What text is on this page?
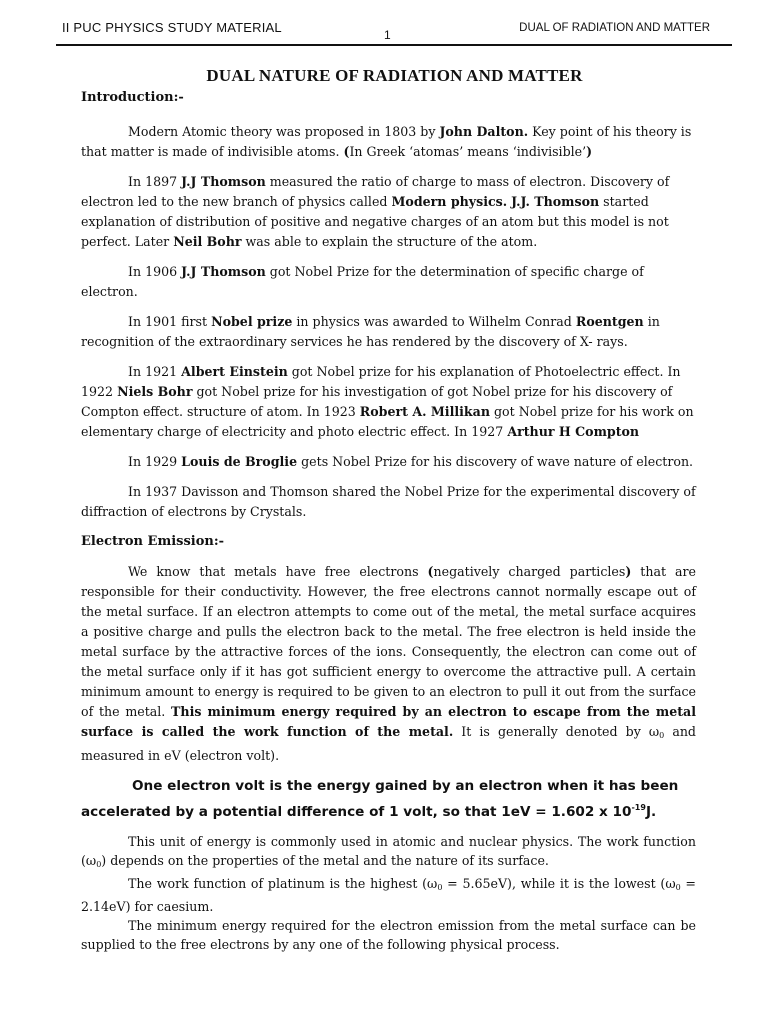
II PUC PHYSICS STUDY MATERIAL	1	DUAL OF RADIATION AND MATTER
DUAL NATURE OF RADIATION AND MATTER
Introduction:-

Modern Atomic theory was proposed in 1803 by John Dalton. Key point of his theory is that matter is made of indivisible atoms. (In Greek ‘atomas’ means ‘indivisible’)

In 1897 J.J Thomson measured the ratio of charge to mass of electron. Discovery of electron led to the new branch of physics called Modern physics. J.J. Thomson started explanation of distribution of positive and negative charges of an atom but this model is not perfect. Later Neil Bohr was able to explain the structure of the atom.

In 1906 J.J Thomson got Nobel Prize for the determination of specific charge of electron.

In 1901 first Nobel prize in physics was awarded to Wilhelm Conrad Roentgen in recognition of the extraordinary services he has rendered by the discovery of X- rays.

In 1921 Albert Einstein got Nobel prize for his explanation of Photoelectric effect. In 1922 Niels Bohr got Nobel prize for his investigation of got Nobel prize for his discovery of Compton effect. structure of atom. In 1923 Robert A. Millikan got Nobel prize for his work on elementary charge of electricity and photo electric effect. In 1927 Arthur H Compton

In 1929 Louis de Broglie gets Nobel Prize for his discovery of wave nature of electron.

In 1937 Davisson and Thomson shared the Nobel Prize for the experimental discovery of diffraction of electrons by Crystals.

Electron Emission:-

We know that metals have free electrons (negatively charged particles) that are responsible for their conductivity. However, the free electrons cannot normally escape out of the metal surface. If an electron attempts to come out of the metal, the metal surface acquires a positive charge and pulls the electron back to the metal. The free electron is held inside the metal surface by the attractive forces of the ions. Consequently, the electron can come out of the metal surface only if it has got sufficient energy to overcome the attractive pull. A certain minimum amount to energy is required to be given to an electron to pull it out from the surface of the metal. This minimum energy required by an electron to escape from the metal surface is called the work function of the metal. It is generally denoted by $\omega_0$ and measured in eV (electron volt).

One electron volt is the energy gained by an electron when it has been accelerated by a potential difference of 1 volt, so that 1eV = 1.602 x $10^{-19}J$.

This unit of energy is commonly used in atomic and nuclear physics. The work function $(\omega_0)$ depends on the properties of the metal and the nature of its surface.

The work function of platinum is the highest $(\omega_0 = 5.65eV)$, while it is the lowest $(\omega_0 = 2.14eV)$ for caesium.

The minimum energy required for the electron emission from the metal surface can be supplied to the free electrons by any one of the following physical process.
